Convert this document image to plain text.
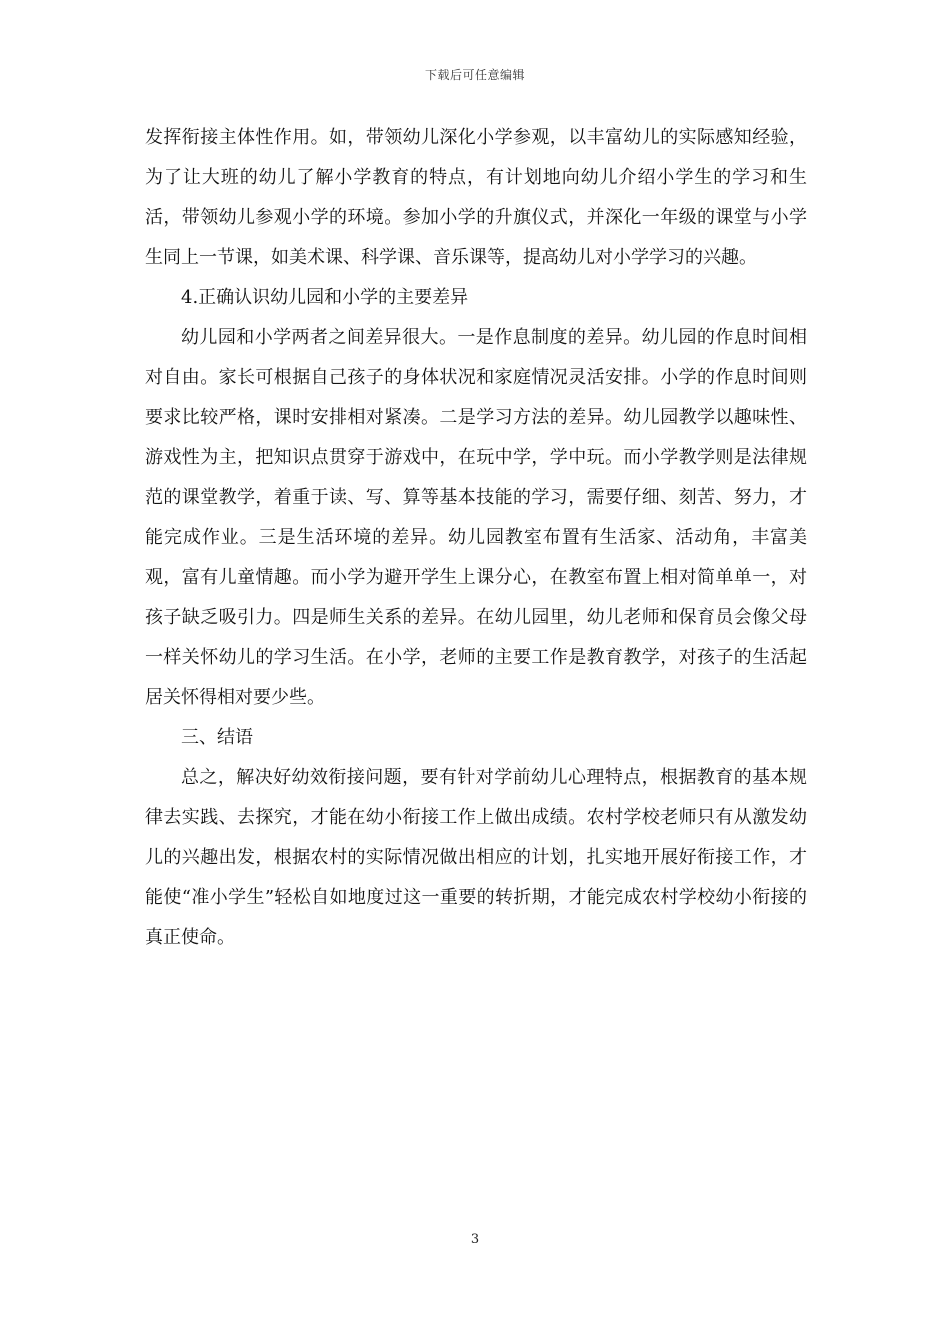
下载后可任意编辑

发挥衔接主体性作用。如，带领幼儿深化小学参观，以丰富幼儿的实际感知经验，为了让大班的幼儿了解小学教育的特点，有计划地向幼儿介绍小学生的学习和生活，带领幼儿参观小学的环境。参加小学的升旗仪式，并深化一年级的课堂与小学生同上一节课，如美术课、科学课、音乐课等，提高幼儿对小学学习的兴趣。

4.正确认识幼儿园和小学的主要差异

幼儿园和小学两者之间差异很大。一是作息制度的差异。幼儿园的作息时间相对自由。家长可根据自己孩子的身体状况和家庭情况灵活安排。小学的作息时间则要求比较严格，课时安排相对紧凑。二是学习方法的差异。幼儿园教学以趣味性、游戏性为主，把知识点贯穿于游戏中，在玩中学，学中玩。而小学教学则是法律规范的课堂教学，着重于读、写、算等基本技能的学习，需要仔细、刻苦、努力，才能完成作业。三是生活环境的差异。幼儿园教室布置有生活家、活动角，丰富美观，富有儿童情趣。而小学为避开学生上课分心，在教室布置上相对简单单一，对孩子缺乏吸引力。四是师生关系的差异。在幼儿园里，幼儿老师和保育员会像父母一样关怀幼儿的学习生活。在小学，老师的主要工作是教育教学，对孩子的生活起居关怀得相对要少些。

三、结语

总之，解决好幼效衔接问题，要有针对学前幼儿心理特点，根据教育的基本规律去实践、去探究，才能在幼小衔接工作上做出成绩。农村学校老师只有从激发幼儿的兴趣出发，根据农村的实际情况做出相应的计划，扎实地开展好衔接工作，才能使“准小学生”轻松自如地度过这一重要的转折期，才能完成农村学校幼小衔接的真正使命。

3
